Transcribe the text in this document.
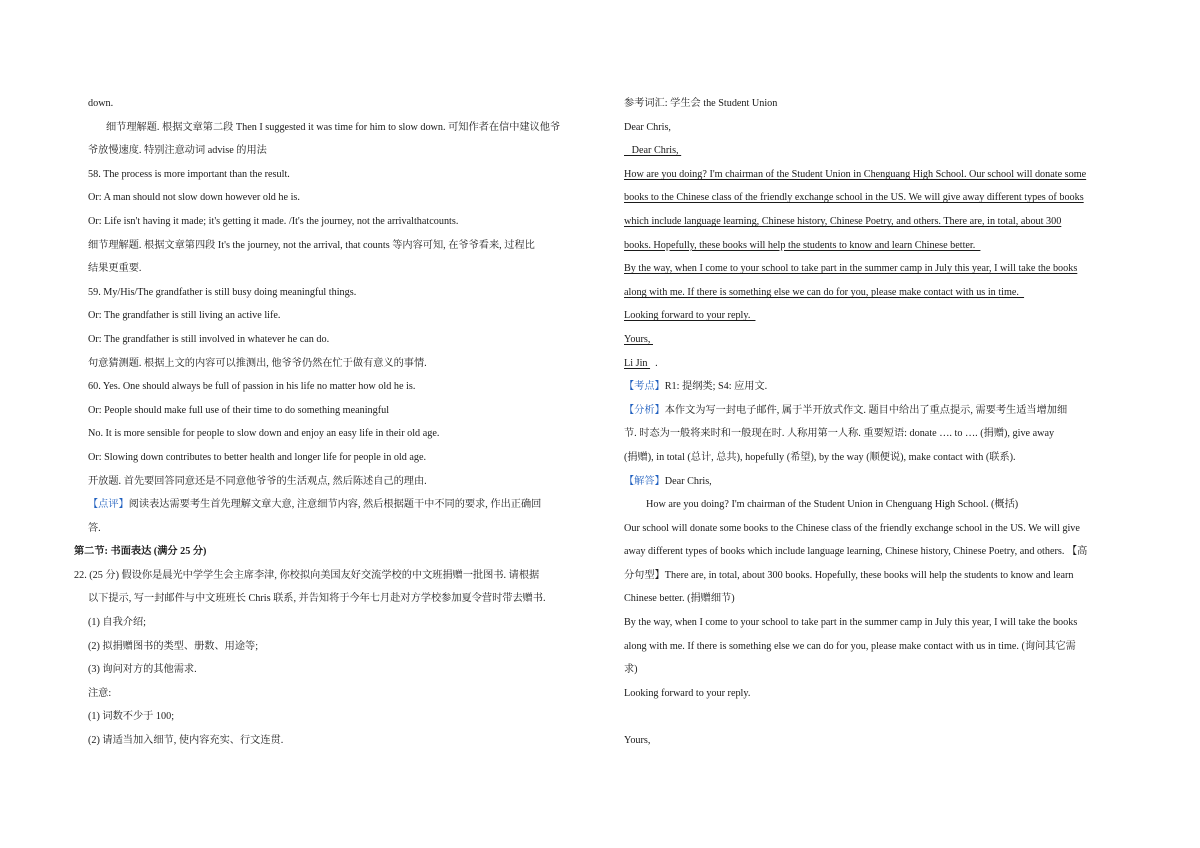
down.
细节理解题. 根据文章第二段 Then I suggested it was time for him to slow down. 可知作者在信中建议他爷
爷放慢速度. 特别注意动词 advise 的用法
58. The process is more important than the result.
Or: A man should not slow down however old he is.
Or: Life isn't having it made; it's getting it made. /It's the journey, not the arrivalthatcounts.
细节理解题. 根据文章第四段 It's the journey, not the arrival, that counts 等内容可知, 在爷爷看来, 过程比
结果更重要.
59. My/His/The grandfather is still busy doing meaningful things.
Or: The grandfather is still living an active life.
Or: The grandfather is still involved in whatever he can do.
句意猜测题. 根据上文的内容可以推测出, 他爷爷仍然在忙于做有意义的事情.
60. Yes. One should always be full of passion in his life no matter how old he is.
Or: People should make full use of their time to do something meaningful
No. It is more sensible for people to slow down and enjoy an easy life in their old age.
Or: Slowing down contributes to better health and longer life for people in old age.
开放题. 首先要回答同意还是不同意他爷爷的生活观点, 然后陈述自己的理由.
【点评】阅读表达需要考生首先理解文章大意, 注意细节内容, 然后根据题干中不同的要求, 作出正确回
答.
第二节: 书面表达 (满分 25 分)
22. (25 分) 假设你是晨光中学学生会主席李津, 你校拟向美国友好交流学校的中文班捐赠一批图书. 请根据
以下提示, 写一封邮件与中文班班长 Chris 联系, 并告知将于今年七月赴对方学校参加夏令营时带去赠书.
(1) 自我介绍;
(2) 拟捐赠图书的类型、册数、用途等;
(3) 询问对方的其他需求.
注意:
(1) 词数不少于 100;
(2) 请适当加入细节, 使内容充实、行文连贯.
参考词汇: 学生会 the Student Union
Dear Chris,
Dear Chris,
How are you doing? I'm chairman of the Student Union in Chenguang High School. Our school will donate some
books to the Chinese class of the friendly exchange school in the US. We will give away different types of books
which include language learning, Chinese history, Chinese Poetry, and others. There are, in total, about 300
books. Hopefully, these books will help the students to know and learn Chinese better.
By the way, when I come to your school to take part in the summer camp in July this year, I will take the books
along with me. If there is something else we can do for you, please make contact with us in time.
Looking forward to your reply.
Yours,
Li Jin   .
【考点】R1: 提纲类; S4: 应用文.
【分析】本作文为写一封电子邮件, 属于半开放式作文. 题目中给出了重点提示, 需要考生适当增加细
节. 时态为一般将来时和一般现在时. 人称用第一人称. 重要短语: donate …. to …. (捐赠), give away
(捐赠), in total (总计, 总共), hopefully (希望), by the way (顺便说), make contact with (联系).
【解答】Dear Chris,
How are you doing? I'm chairman of the Student Union in Chenguang High School. (概括)
Our school will donate some books to the Chinese class of the friendly exchange school in the US. We will give
away different types of books which include language learning, Chinese history, Chinese Poetry, and others. 【高
分句型】There are, in total, about 300 books. Hopefully, these books will help the students to know and learn
Chinese better. (捐赠细节)
By the way, when I come to your school to take part in the summer camp in July this year, I will take the books
along with me. If there is something else we can do for you, please make contact with us in time. (询问其它需
求)
Looking forward to your reply.
Yours,
